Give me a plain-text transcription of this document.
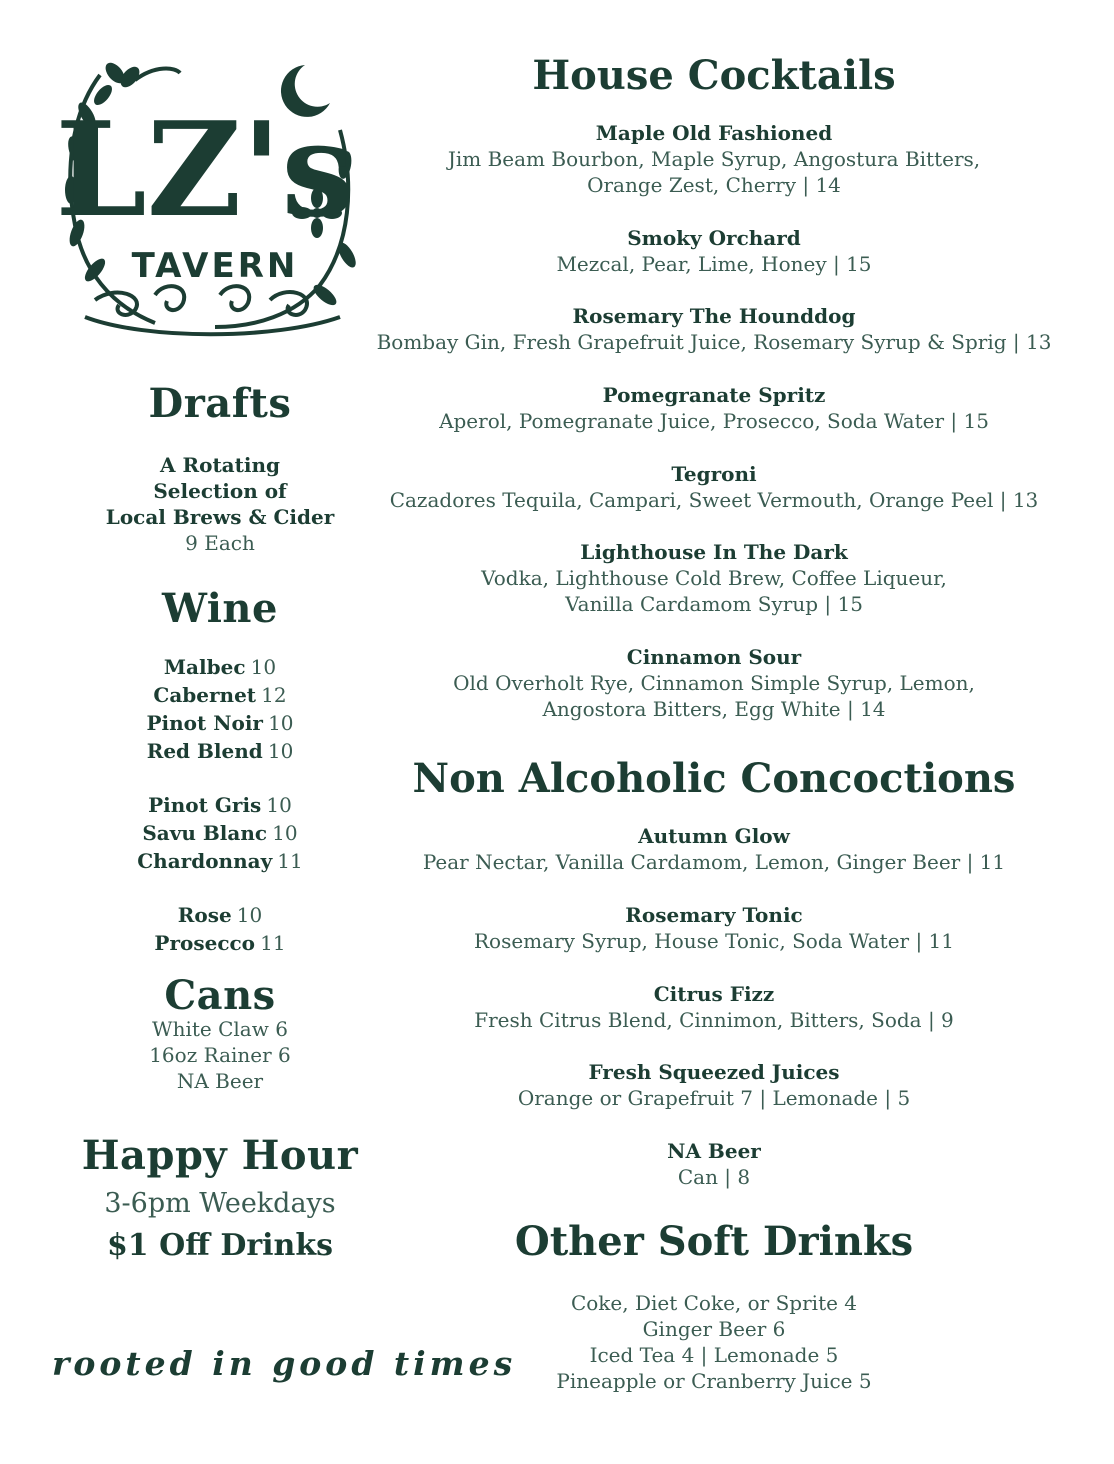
LZ's
TAVERN
Drafts
A Rotating
Selection of
Local Brews & Cider
9 Each
Wine
Malbec 10
Cabernet 12
Pinot Noir 10
Red Blend 10
Pinot Gris 10
Savu Blanc 10
Chardonnay 11
Rose 10
Prosecco 11
Cans
White Claw 6
16oz Rainer 6
NA Beer
Happy Hour
3-6pm Weekdays
$1 Off Drinks
rooted in good times
House Cocktails
Maple Old Fashioned
Jim Beam Bourbon, Maple Syrup, Angostura Bitters,
Orange Zest, Cherry | 14
Smoky Orchard
Mezcal, Pear, Lime, Honey | 15
Rosemary The Hounddog
Bombay Gin, Fresh Grapefruit Juice, Rosemary Syrup & Sprig | 13
Pomegranate Spritz
Aperol, Pomegranate Juice, Prosecco, Soda Water | 15
Tegroni
Cazadores Tequila, Campari, Sweet Vermouth, Orange Peel | 13
Lighthouse In The Dark
Vodka, Lighthouse Cold Brew, Coffee Liqueur,
Vanilla Cardamom Syrup | 15
Cinnamon Sour
Old Overholt Rye, Cinnamon Simple Syrup, Lemon,
Angostora Bitters, Egg White | 14
Non Alcoholic Concoctions
Autumn Glow
Pear Nectar, Vanilla Cardamom, Lemon, Ginger Beer | 11
Rosemary Tonic
Rosemary Syrup, House Tonic, Soda Water | 11
Citrus Fizz
Fresh Citrus Blend, Cinnimon, Bitters, Soda | 9
Fresh Squeezed Juices
Orange or Grapefruit 7 | Lemonade | 5
NA Beer
Can | 8
Other Soft Drinks
Coke, Diet Coke, or Sprite 4
Ginger Beer 6
Iced Tea 4 | Lemonade 5
Pineapple or Cranberry Juice 5
